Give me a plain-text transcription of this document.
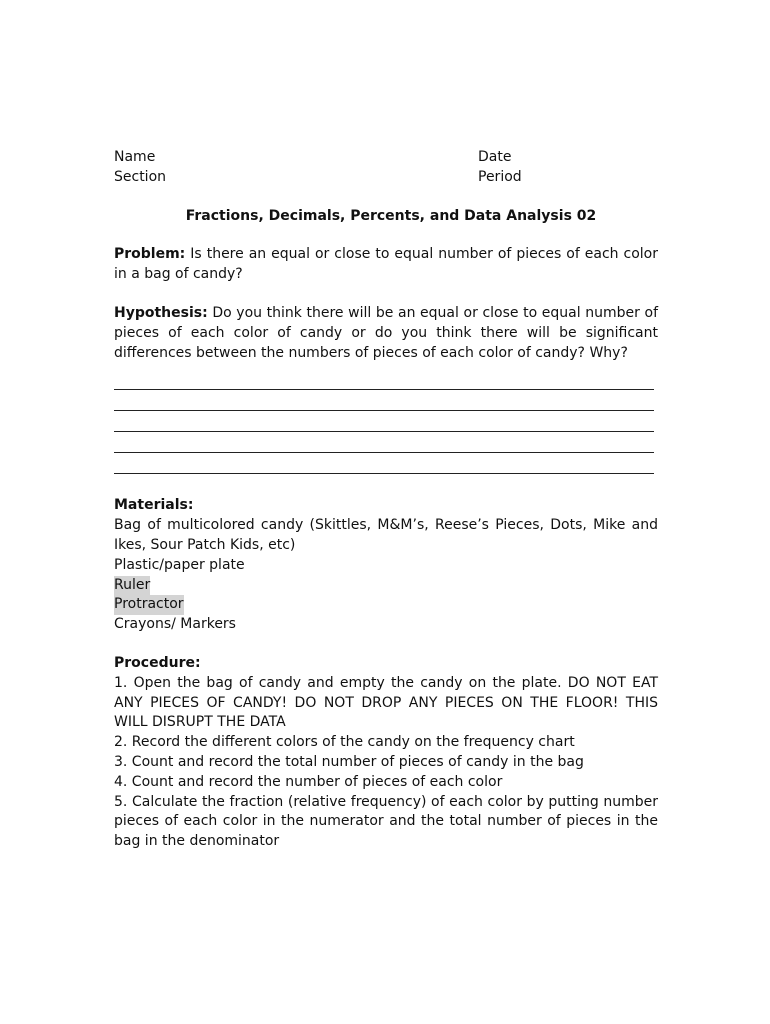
Name	Date
Section	Period
Fractions, Decimals, Percents, and Data Analysis 02
Problem: Is there an equal or close to equal number of pieces of each color in a bag of candy?
Hypothesis: Do you think there will be an equal or close to equal number of pieces of each color of candy or do you think there will be significant differences between the numbers of pieces of each color of candy? Why?

Materials:

Bag of multicolored candy (Skittles, M&M’s, Reese’s Pieces, Dots, Mike and Ikes, Sour Patch Kids, etc)

Plastic/paper plate

Ruler

Protractor

Crayons/ Markers

Procedure:

1. Open the bag of candy and empty the candy on the plate. DO NOT EAT ANY PIECES OF CANDY! DO NOT DROP ANY PIECES ON THE FLOOR! THIS WILL DISRUPT THE DATA

2. Record the different colors of the candy on the frequency chart

3. Count and record the total number of pieces of candy in the bag

4. Count and record the number of pieces of each color

5. Calculate the fraction (relative frequency) of each color by putting number pieces of each color in the numerator and the total number of pieces in the bag in the denominator
